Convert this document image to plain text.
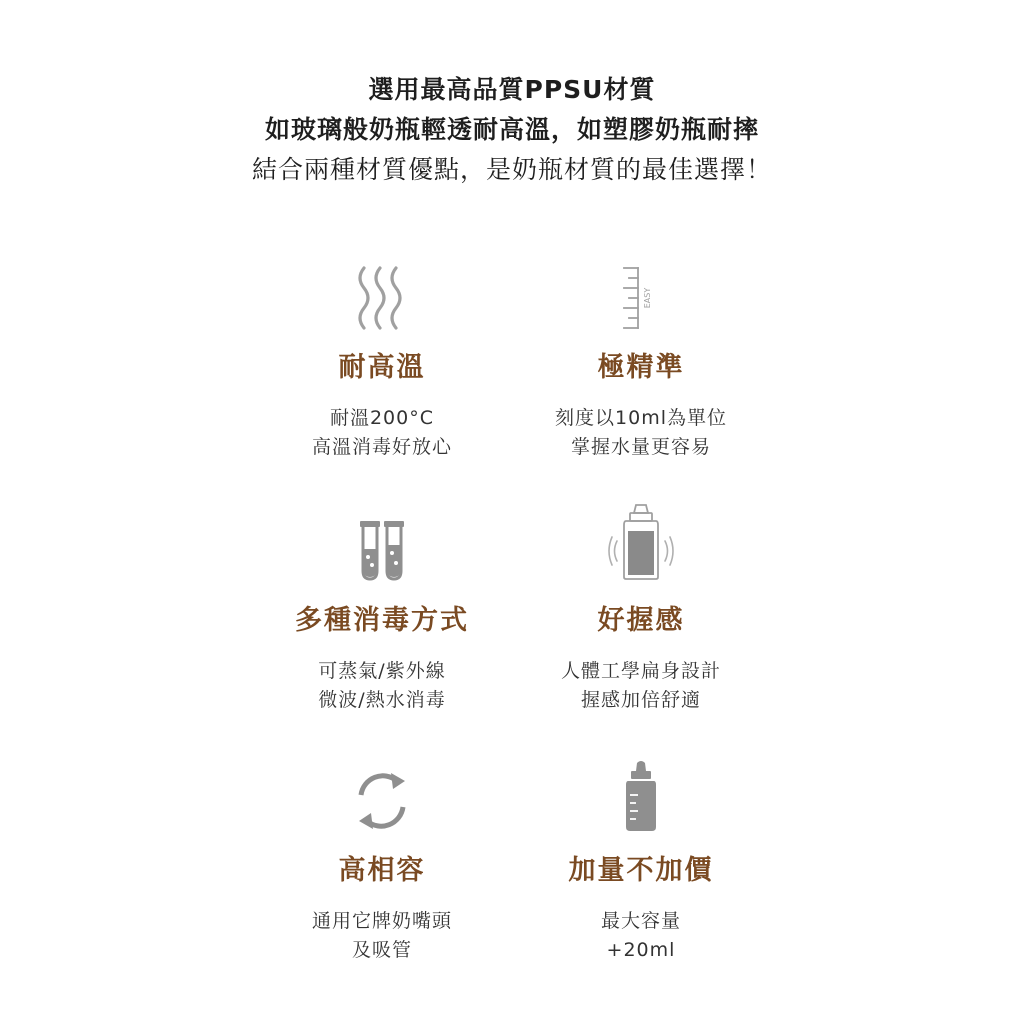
選用最高品質PPSU材質
如玻璃般奶瓶輕透耐高溫，如塑膠奶瓶耐摔
結合兩種材質優點，是奶瓶材質的最佳選擇！
耐高溫
耐溫200°C
高溫消毒好放心
EASY
極精準
刻度以10ml為單位
掌握水量更容易
多種消毒方式
可蒸氣/紫外線
微波/熱水消毒
好握感
人體工學扁身設計
握感加倍舒適
高相容
通用它牌奶嘴頭
及吸管
加量不加價
最大容量
+20ml
